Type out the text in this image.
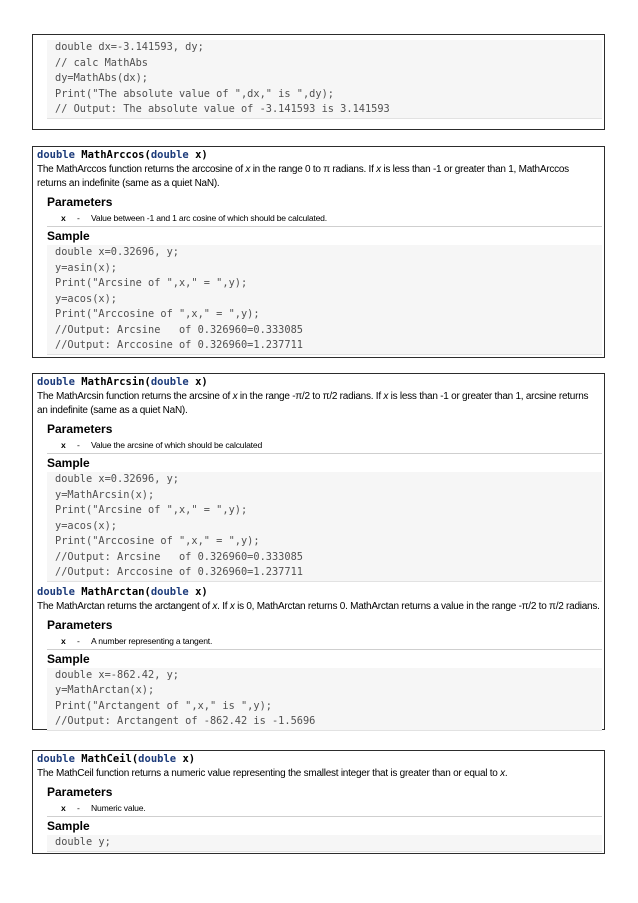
double dx=-3.141593, dy;
// calc MathAbs
dy=MathAbs(dx);
Print("The absolute value of ",dx," is ",dy);
// Output: The absolute value of -3.141593 is 3.141593
double MathArccos(double x)
The MathArccos function returns the arccosine of x in the range 0 to π radians. If x is less than -1 or greater than 1, MathArccos returns an indefinite (same as a quiet NaN).
Parameters
x - Value between -1 and 1 arc cosine of which should be calculated.
Sample
double x=0.32696, y;
y=asin(x);
Print("Arcsine of ",x," = ",y);
y=acos(x);
Print("Arccosine of ",x," = ",y);
//Output: Arcsine   of 0.326960=0.333085
//Output: Arccosine of 0.326960=1.237711
double MathArcsin(double x)
The MathArcsin function returns the arcsine of x in the range -π/2 to π/2 radians. If x is less than -1 or greater than 1, arcsine returns an indefinite (same as a quiet NaN).
Parameters
x - Value the arcsine of which should be calculated
Sample
double x=0.32696, y;
y=MathArcsin(x);
Print("Arcsine of ",x," = ",y);
y=acos(x);
Print("Arccosine of ",x," = ",y);
//Output: Arcsine   of 0.326960=0.333085
//Output: Arccosine of 0.326960=1.237711
double MathArctan(double x)
The MathArctan returns the arctangent of x. If x is 0, MathArctan returns 0. MathArctan returns a value in the range -π/2 to π/2 radians.
Parameters
x - A number representing a tangent.
Sample
double x=-862.42, y;
y=MathArctan(x);
Print("Arctangent of ",x," is ",y);
//Output: Arctangent of -862.42 is -1.5696
double MathCeil(double x)
The MathCeil function returns a numeric value representing the smallest integer that is greater than or equal to x.
Parameters
x - Numeric value.
Sample
double y;
